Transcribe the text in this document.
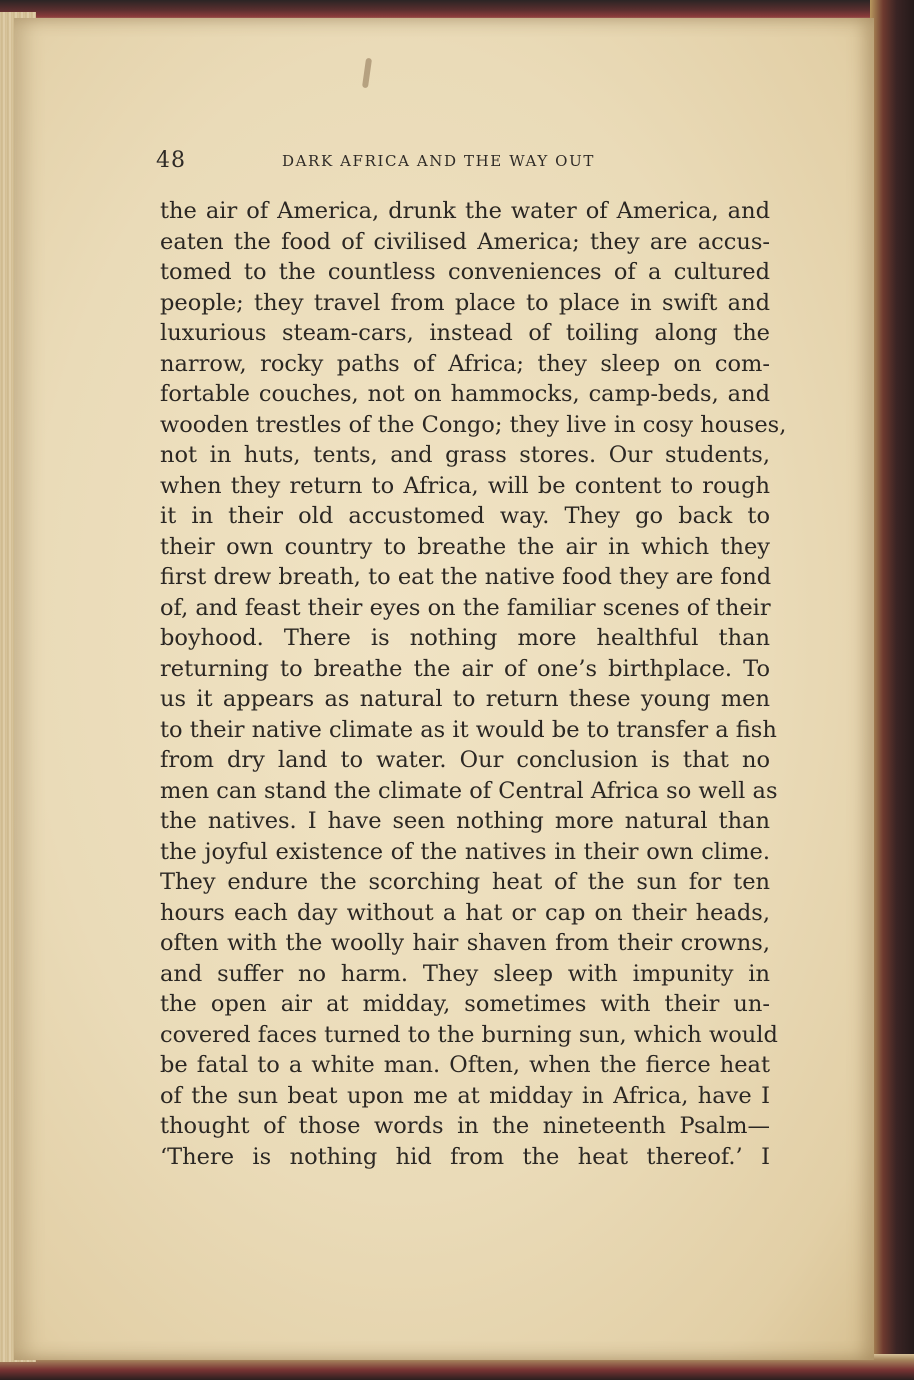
48	DARK AFRICA AND THE WAY OUT
the air of America, drunk the water of America, and
eaten the food of civilised America; they are accus-
tomed to the countless conveniences of a cultured
people; they travel from place to place in swift and
luxurious steam-cars, instead of toiling along the
narrow, rocky paths of Africa; they sleep on com-
fortable couches, not on hammocks, camp-beds, and
wooden trestles of the Congo; they live in cosy houses,
not in huts, tents, and grass stores. Our students,
when they return to Africa, will be content to rough
it in their old accustomed way. They go back to
their own country to breathe the air in which they
first drew breath, to eat the native food they are fond
of, and feast their eyes on the familiar scenes of their
boyhood. There is nothing more healthful than
returning to breathe the air of one’s birthplace. To
us it appears as natural to return these young men
to their native climate as it would be to transfer a fish
from dry land to water. Our conclusion is that no
men can stand the climate of Central Africa so well as
the natives. I have seen nothing more natural than
the joyful existence of the natives in their own clime.
They endure the scorching heat of the sun for ten
hours each day without a hat or cap on their heads,
often with the woolly hair shaven from their crowns,
and suffer no harm. They sleep with impunity in
the open air at midday, sometimes with their un-
covered faces turned to the burning sun, which would
be fatal to a white man. Often, when the fierce heat
of the sun beat upon me at midday in Africa, have I
thought of those words in the nineteenth Psalm—
‘There is nothing hid from the heat thereof.’ I
